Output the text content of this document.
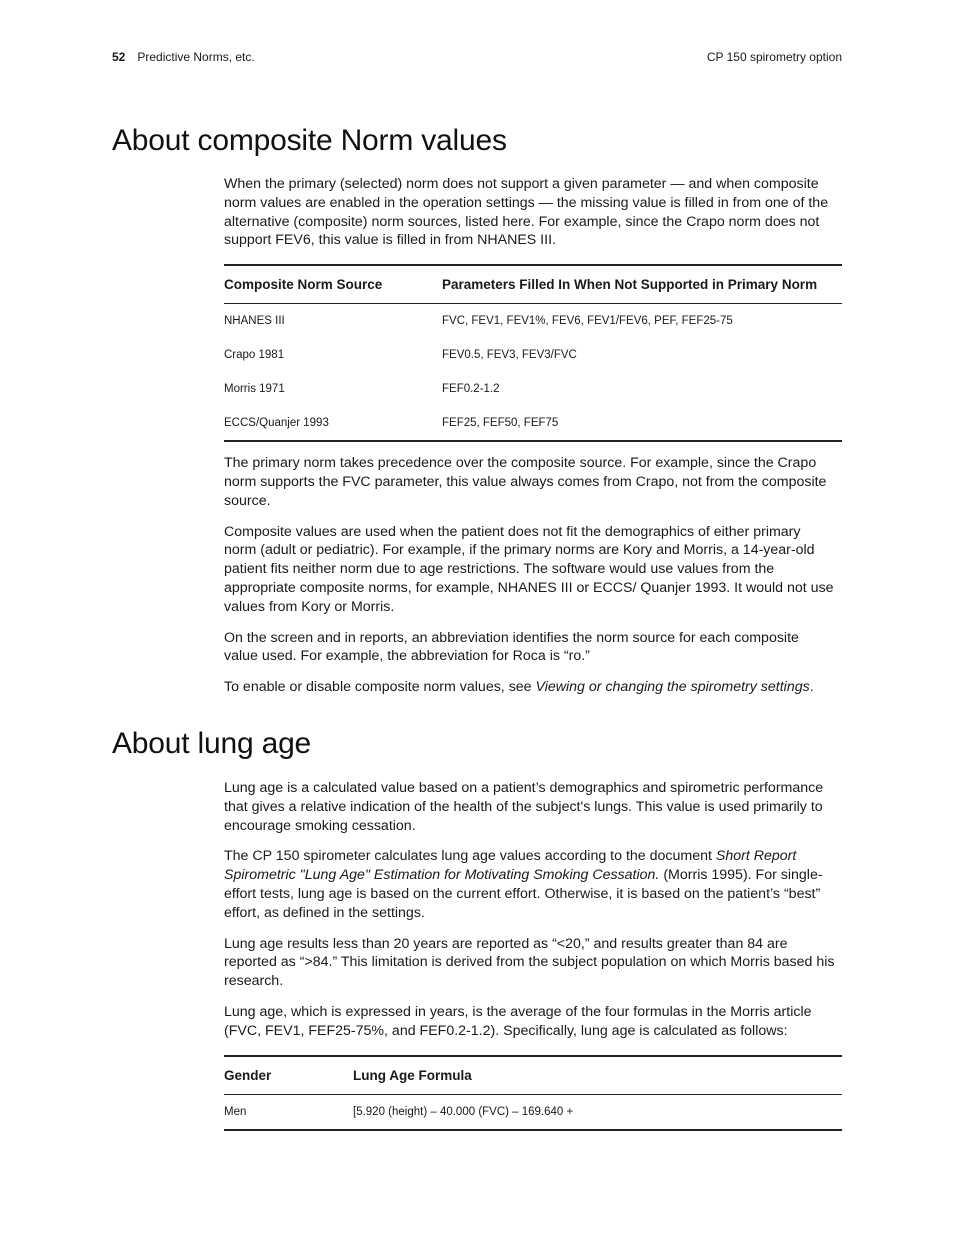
52 Predictive Norms, etc.	CP 150 spirometry option
About composite Norm values

When the primary (selected) norm does not support a given parameter — and when composite norm values are enabled in the operation settings — the missing value is filled in from one of the alternative (composite) norm sources, listed here. For example, since the Crapo norm does not support FEV6, this value is filled in from NHANES III.

Composite Norm Source	Parameters Filled In When Not Supported in Primary Norm
NHANES III	FVC, FEV1, FEV1%, FEV6, FEV1/FEV6, PEF, FEF25-75
Crapo 1981	FEV0.5, FEV3, FEV3/FVC
Morris 1971	FEF0.2-1.2
ECCS/Quanjer 1993	FEF25, FEF50, FEF75

The primary norm takes precedence over the composite source. For example, since the Crapo norm supports the FVC parameter, this value always comes from Crapo, not from the composite source.

Composite values are used when the patient does not fit the demographics of either primary norm (adult or pediatric). For example, if the primary norms are Kory and Morris, a 14-year-old patient fits neither norm due to age restrictions. The software would use values from the appropriate composite norms, for example, NHANES III or ECCS/ Quanjer 1993. It would not use values from Kory or Morris.

On the screen and in reports, an abbreviation identifies the norm source for each composite value used. For example, the abbreviation for Roca is “ro.”

To enable or disable composite norm values, see Viewing or changing the spirometry settings.

About lung age

Lung age is a calculated value based on a patient’s demographics and spirometric performance that gives a relative indication of the health of the subject's lungs. This value is used primarily to encourage smoking cessation.

The CP 150 spirometer calculates lung age values according to the document Short Report Spirometric "Lung Age" Estimation for Motivating Smoking Cessation. (Morris 1995). For single-effort tests, lung age is based on the current effort. Otherwise, it is based on the patient’s “best” effort, as defined in the settings.

Lung age results less than 20 years are reported as “<20,” and results greater than 84 are reported as “>84.” This limitation is derived from the subject population on which Morris based his research.

Lung age, which is expressed in years, is the average of the four formulas in the Morris article (FVC, FEV1, FEF25-75%, and FEF0.2-1.2). Specifically, lung age is calculated as follows:

Gender	Lung Age Formula
Men	[5.920 (height) – 40.000 (FVC) – 169.640 +
